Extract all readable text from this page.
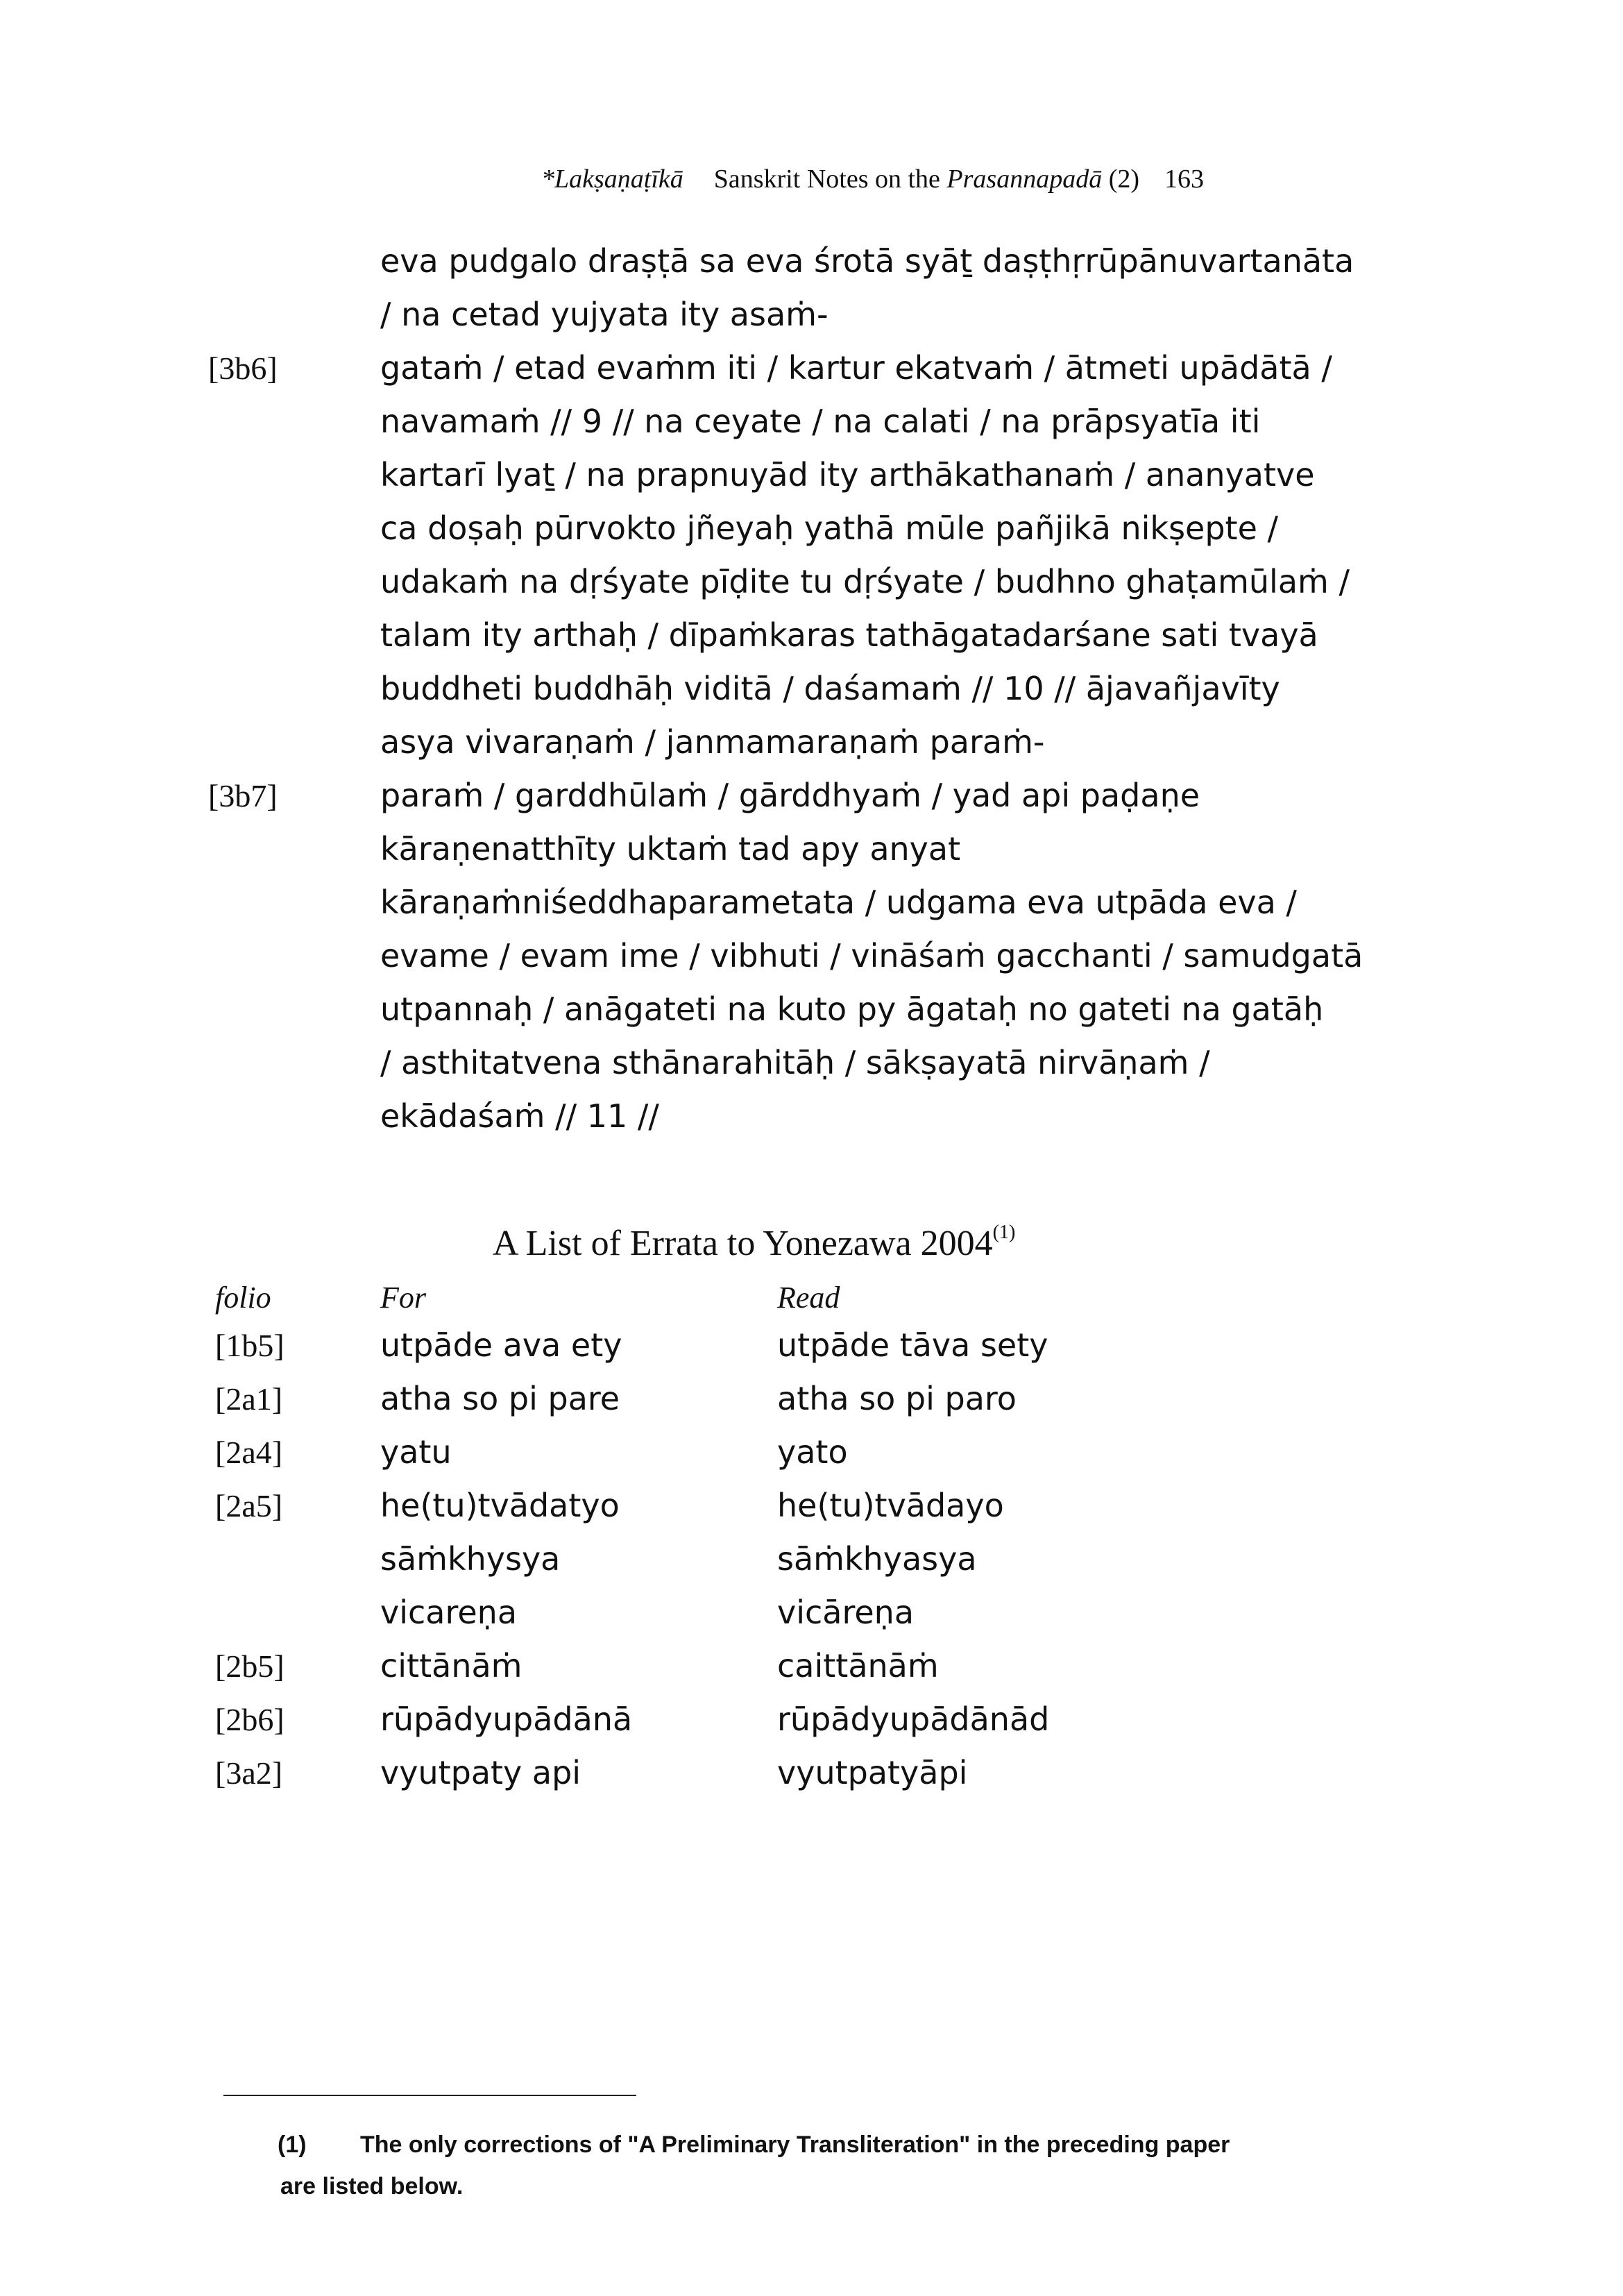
*Lakṣaṇaṭīkā Sanskrit Notes on the Prasannapadā (2) 163
eva pudgalo draṣṭā sa eva śrotā syāṯ daṣṭhṛrūpānuvartanāta
/ na cetad yujyata ity asaṁ-
[3b6]	gataṁ / etad evaṁm iti / kartur ekatvaṁ / ātmeti upādātā /
navamaṁ // 9 // na ceyate / na calati / na prāpsyatīa iti
kartarī lyaṯ / na prapnuyād ity arthākathanaṁ / ananyatve
ca doṣaḥ pūrvokto jñeyaḥ yathā mūle pañjikā nikṣepte /
udakaṁ na dṛśyate pīḍite tu dṛśyate / budhno ghaṭamūlaṁ /
talam ity arthaḥ / dīpaṁkaras tathāgatadarśane sati tvayā
buddheti buddhāḥ viditā / daśamaṁ // 10 // ājavañjavīty
asya vivaraṇaṁ / janmamaraṇaṁ paraṁ-
[3b7]	paraṁ / garddhūlaṁ / gārddhyaṁ / yad api paḍaṇe
kāraṇenatthīty uktaṁ tad apy anyat
kāraṇaṁniśeddhaparametata / udgama eva utpāda eva /
evame / evam ime / vibhuti / vināśaṁ gacchanti / samudgatā
utpannaḥ / anāgateti na kuto py āgataḥ no gateti na gatāḥ
/ asthitatvena sthānarahitāḥ / sākṣayatā nirvāṇaṁ /
ekādaśaṁ // 11 //
A List of Errata to Yonezawa 2004$^{(1)}$
folio	For	Read
[1b5]	utpāde ava ety	utpāde tāva sety
[2a1]	atha so pi pare	atha so pi paro
[2a4]	yatu	yato
[2a5]	he(tu)tvādatyo	he(tu)tvādayo
sāṁkhysya	sāṁkhyasya
vicareṇa	vicāreṇa
[2b5]	cittānāṁ	caittānāṁ
[2b6]	rūpādyupādānā	rūpādyupādānād
[3a2]	vyutpaty api	vyutpatyāpi
(1) The only corrections of "A Preliminary Transliteration" in the preceding paper
are listed below.
